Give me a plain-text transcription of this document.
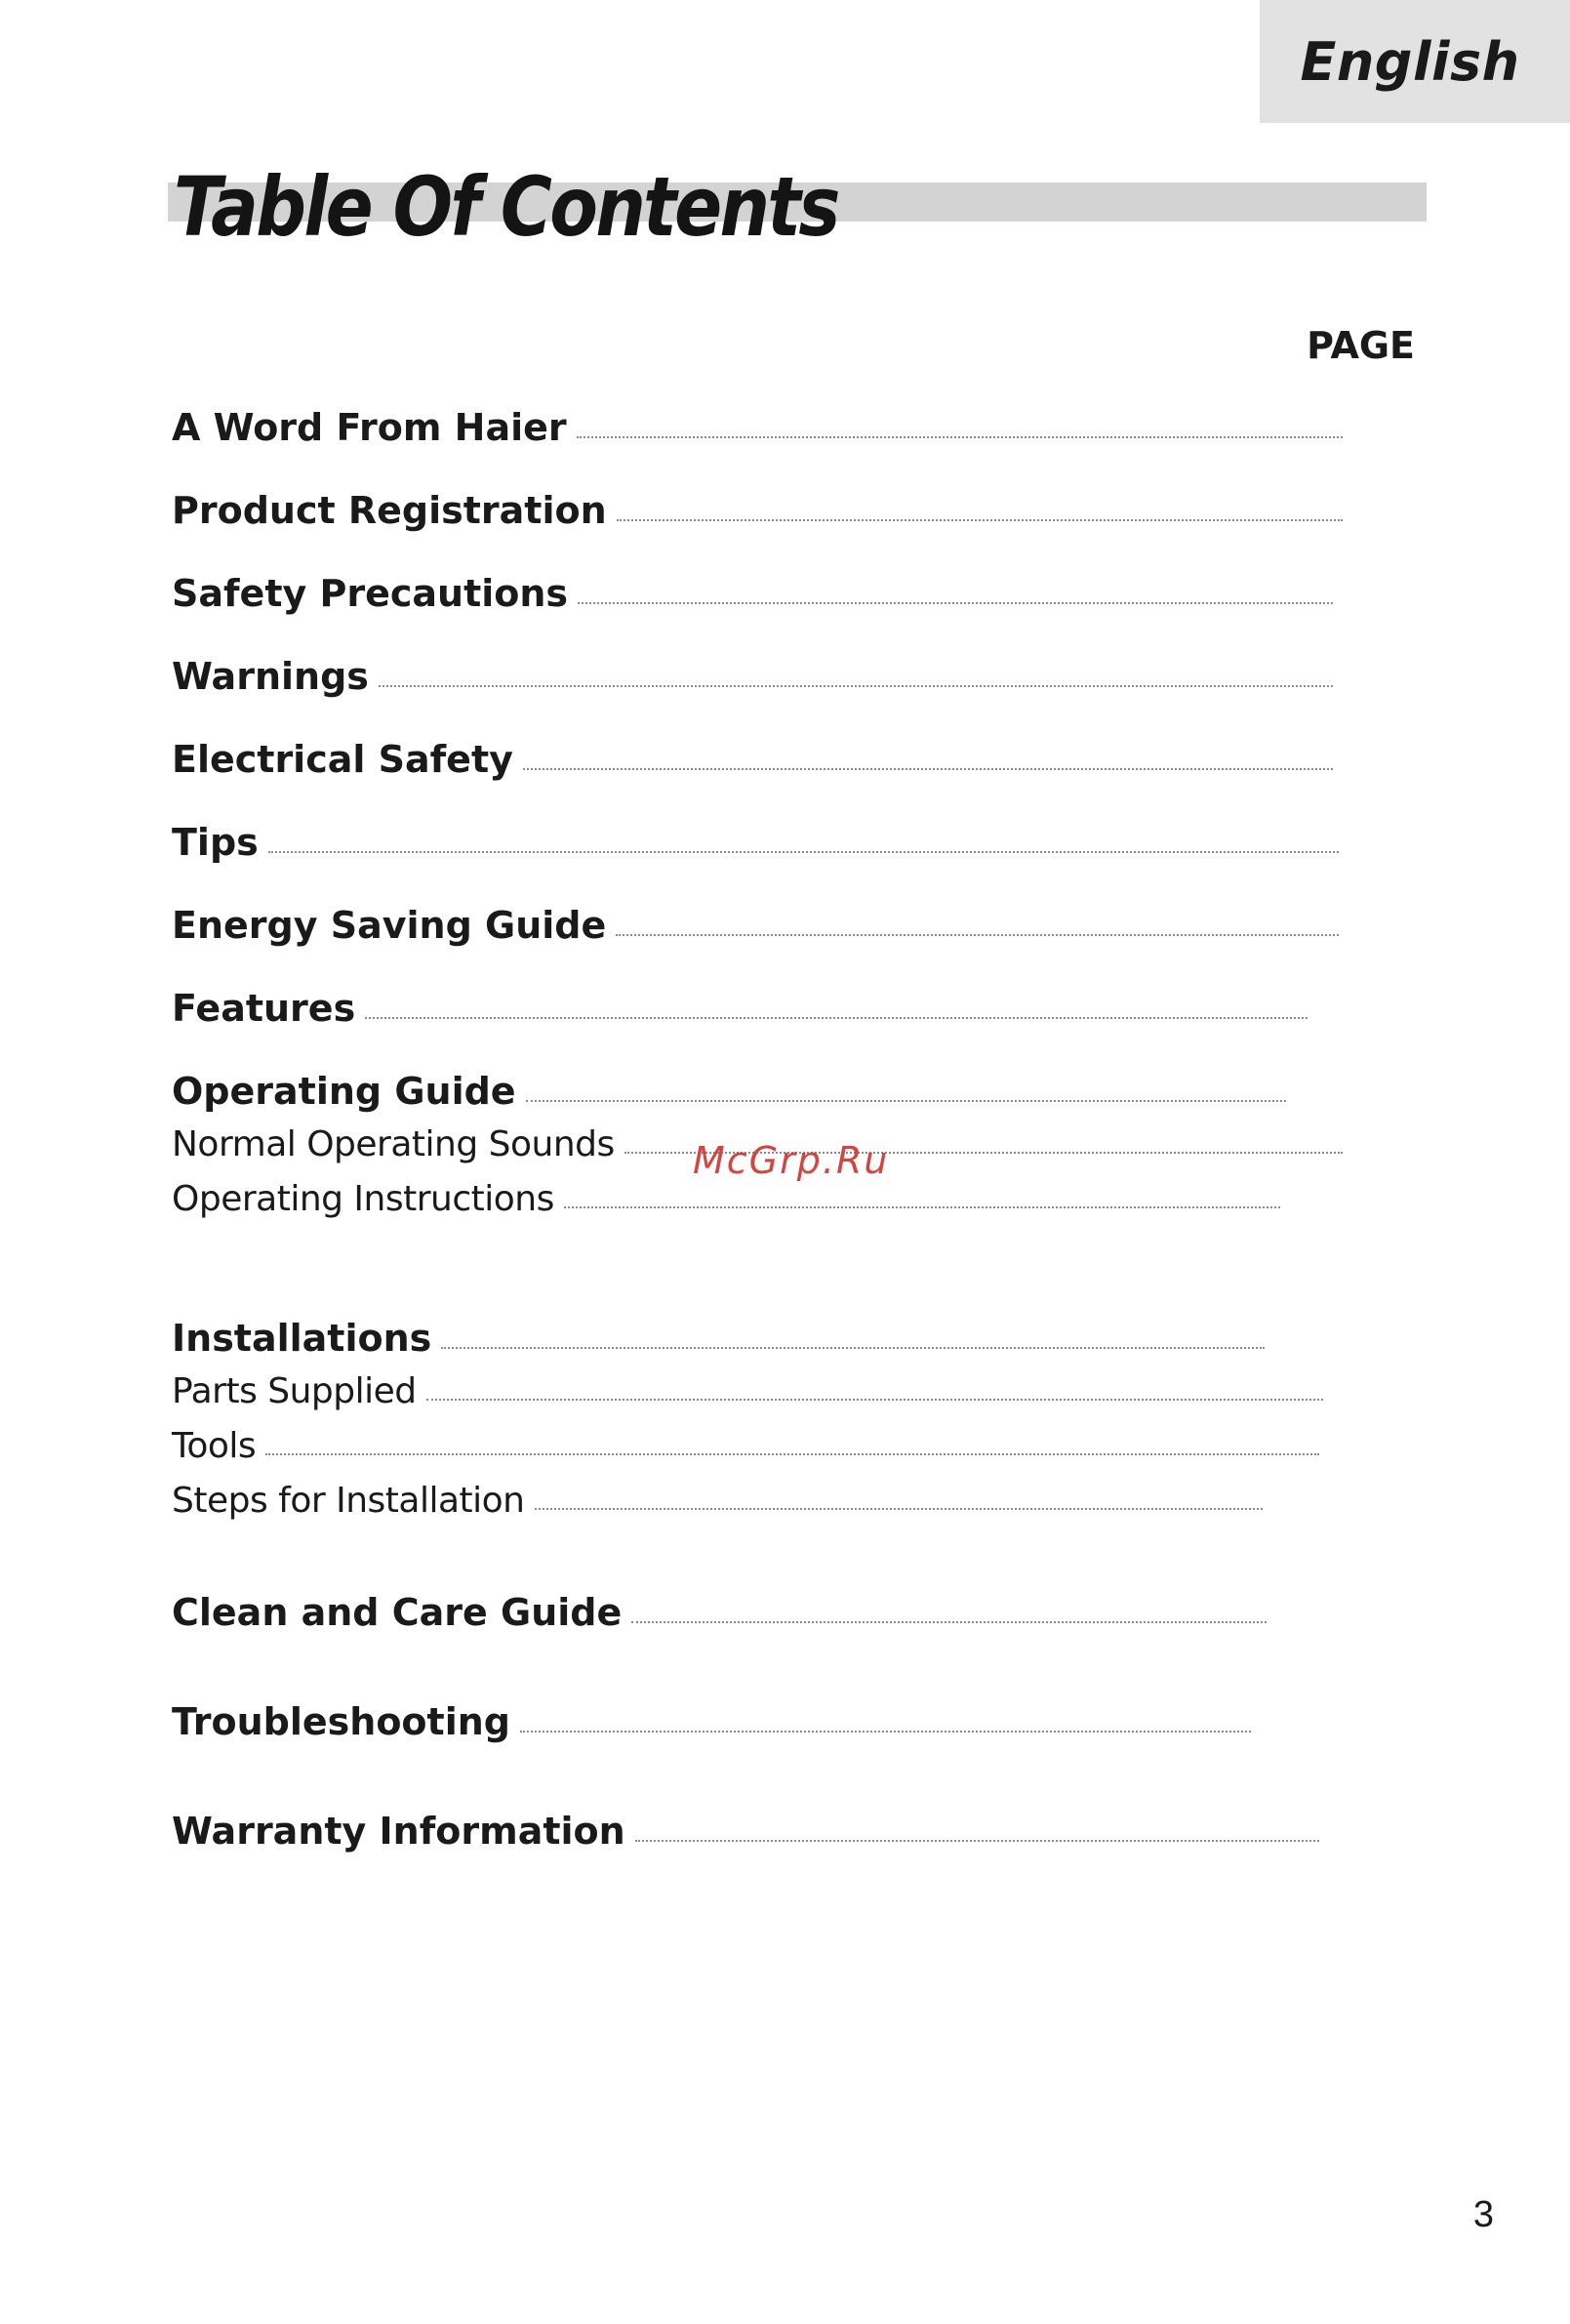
English
Table Of Contents
PAGE
A Word From Haier
Product Registration
Safety Precautions
Warnings
Electrical Safety
Tips
Energy Saving Guide
Features
Operating Guide
Normal Operating Sounds
Operating Instructions
Installations
Parts Supplied
Tools
Steps for Installation
Clean and Care Guide
Troubleshooting
Warranty Information
McGrp.Ru
3
